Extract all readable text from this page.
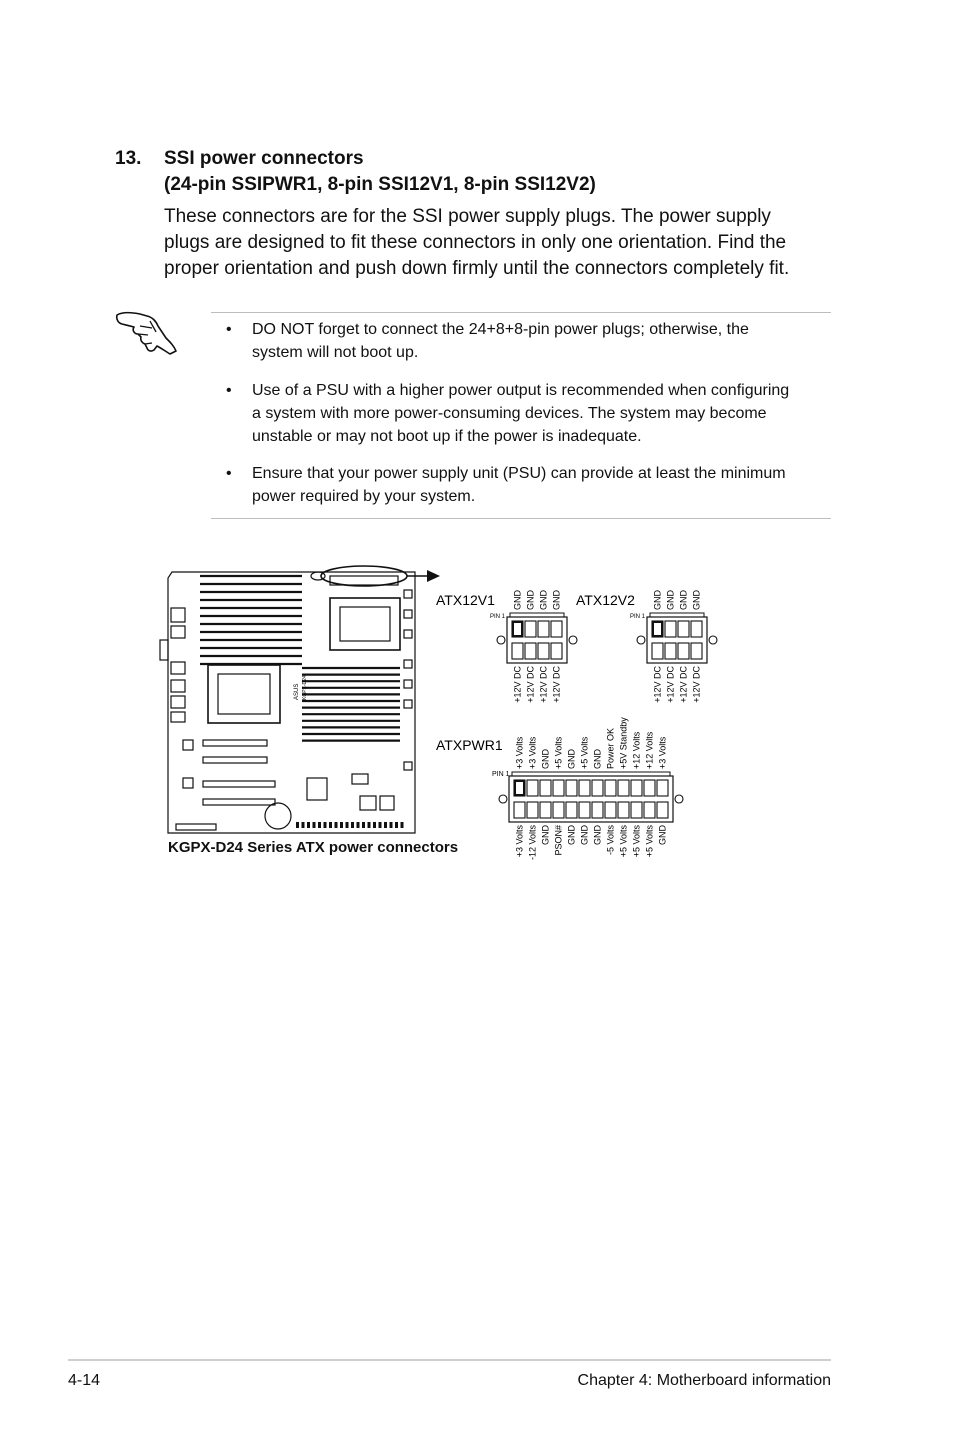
13. SSI power connectors
(24-pin SSIPWR1, 8-pin SSI12V1, 8-pin SSI12V2)
These connectors are for the SSI power supply plugs. The power supply
plugs are designed to fit these connectors in only one orientation. Find the
proper orientation and push down firmly until the connectors completely fit.
• DO NOT forget to connect the 24+8+8-pin power plugs; otherwise, the
system will not boot up.
• Use of a PSU with a higher power output is recommended when configuring
a system with more power-consuming devices. The system may become
unstable or may not boot up if the power is inadequate.
• Ensure that your power supply unit (PSU) can provide at least the minimum
power required by your system.
ASUS KGPX-D24
ATX12V1	ATX12V2
ATXPWR1
PIN 1	PIN 1
PIN 1
GND
+12V DC
GND
+12V DC
GND
+12V DC
GND
+12V DC
GND
+12V DC
GND
+12V DC
GND
+12V DC
GND
+12V DC
+3 Volts
+3 Volts
+3 Volts
-12 Volts
GND
GND
+5 Volts
PSON#
GND
GND
+5 Volts
GND
GND
GND
Power OK
-5 Volts
+5V Standby
+5 Volts
+12 Volts
+5 Volts
+12 Volts
+5 Volts
+3 Volts
GND
KGPX-D24 Series ATX power connectors
4-14	Chapter 4: Motherboard information
